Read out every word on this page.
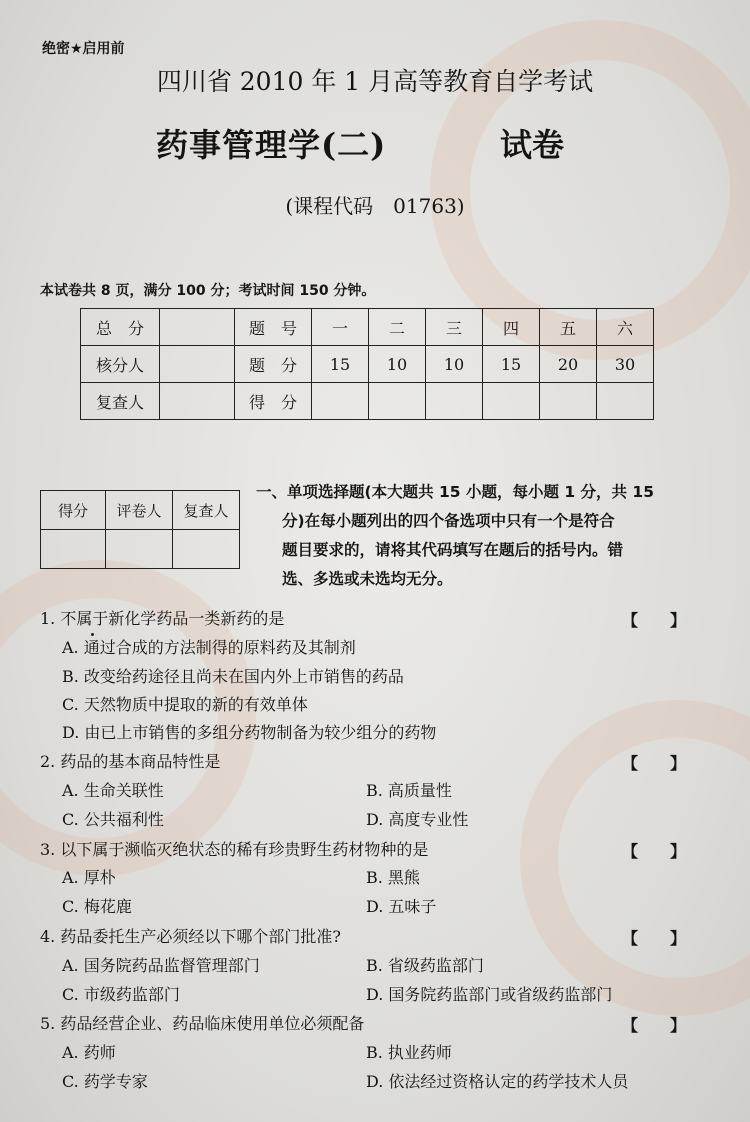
绝密★启用前
四川省 2010 年 1 月高等教育自学考试
药事管理学(二)	试卷
(课程代码　01763)
本试卷共 8 页，满分 100 分；考试时间 150 分钟。
总　分		题　号	一	二	三	四	五	六
核分人		题　分	15	10	10	15	20	30
复查人		得　分						
得分	评卷人	复查人

一、单项选择题(本大题共 15 小题，每小题 1 分，共 15
分)在每小题列出的四个备选项中只有一个是符合
题目要求的，请将其代码填写在题后的括号内。错
选、多选或未选均无分。
1. 不属于新化学药品一类新药的是	【　　】
A. 通过合成的方法制得的原料药及其制剂
B. 改变给药途径且尚未在国内外上市销售的药品
C. 天然物质中提取的新的有效单体
D. 由已上市销售的多组分药物制备为较少组分的药物
2. 药品的基本商品特性是	【　　】
A. 生命关联性	B. 高质量性
C. 公共福利性	D. 高度专业性
3. 以下属于濒临灭绝状态的稀有珍贵野生药材物种的是	【　　】
A. 厚朴	B. 黑熊
C. 梅花鹿	D. 五味子
4. 药品委托生产必须经以下哪个部门批准?	【　　】
A. 国务院药品监督管理部门	B. 省级药监部门
C. 市级药监部门	D. 国务院药监部门或省级药监部门
5. 药品经营企业、药品临床使用单位必须配备	【　　】
A. 药师	B. 执业药师
C. 药学专家	D. 依法经过资格认定的药学技术人员
